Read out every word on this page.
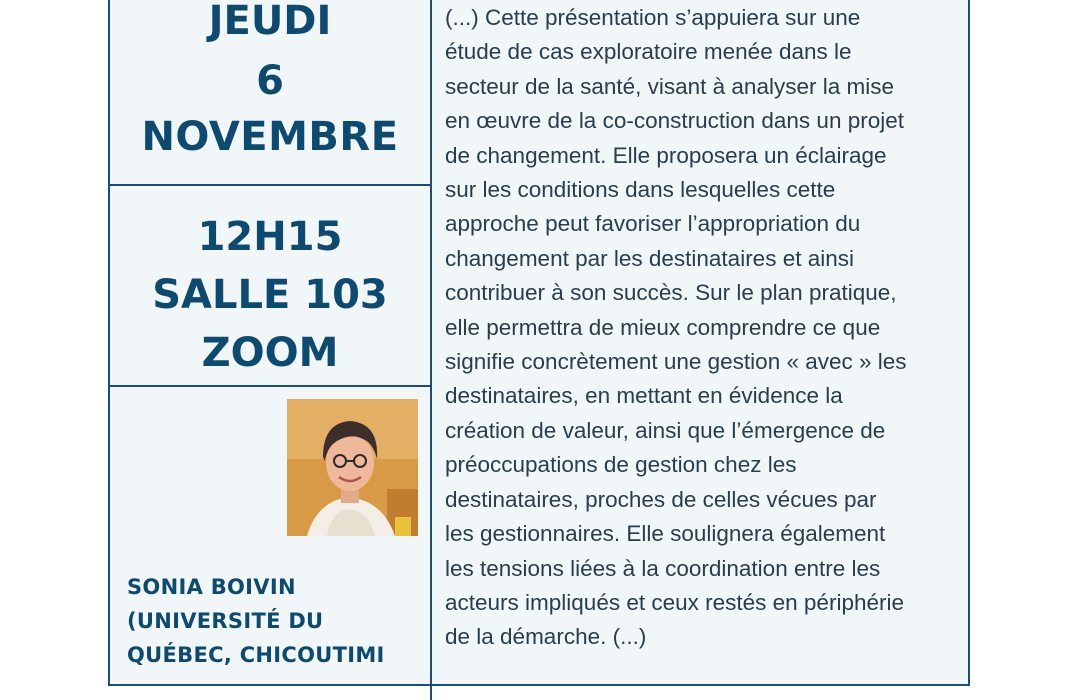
JEUDI
6
NOVEMBRE
12H15
SALLE 103
ZOOM
SONIA BOIVIN
(UNIVERSITÉ DU
QUÉBEC, CHICOUTIMI
(...) Cette présentation s’appuiera sur une
étude de cas exploratoire menée dans le
secteur de la santé, visant à analyser la mise
en œuvre de la co-construction dans un projet
de changement. Elle proposera un éclairage
sur les conditions dans lesquelles cette
approche peut favoriser l’appropriation du
changement par les destinataires et ainsi
contribuer à son succès. Sur le plan pratique,
elle permettra de mieux comprendre ce que
signifie concrètement une gestion « avec » les
destinataires, en mettant en évidence la
création de valeur, ainsi que l’émergence de
préoccupations de gestion chez les
destinataires, proches de celles vécues par
les gestionnaires. Elle soulignera également
les tensions liées à la coordination entre les
acteurs impliqués et ceux restés en périphérie
de la démarche. (...)
